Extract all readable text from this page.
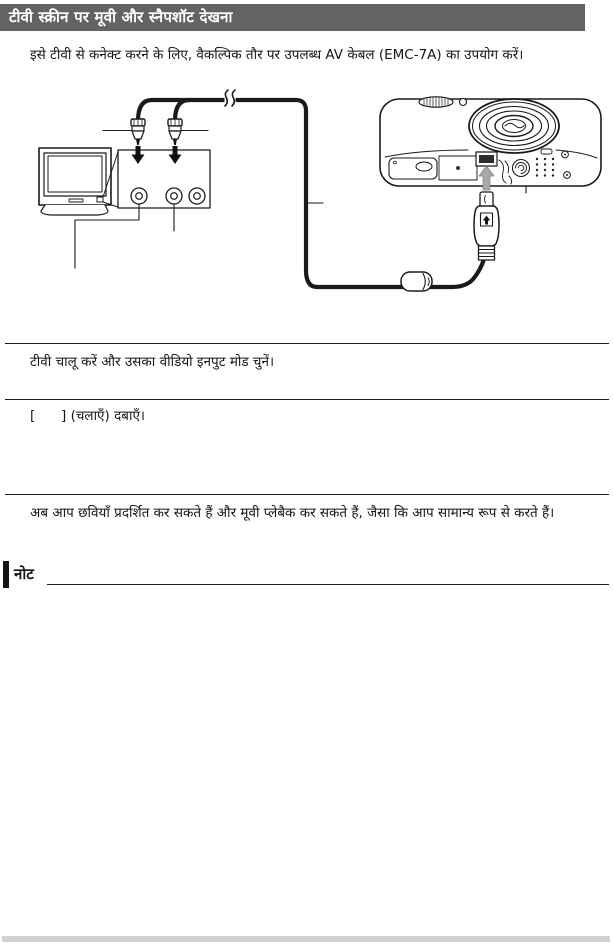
टीवी स्क्रीन पर मूवी और स्नैपशॉट देखना
इसे टीवी से कनेक्ट करने के लिए, वैकल्पिक तौर पर उपलब्ध AV केबल (EMC-7A) का उपयोग करें।
टीवी चालू करें और उसका वीडियो इनपुट मोड चुनें।
[      ] (चलाएँ) दबाएँ।
अब आप छवियाँ प्रदर्शित कर सकते हैं और मूवी प्लेबैक कर सकते हैं, जैसा कि आप सामान्य रूप से करते हैं।
नोट
